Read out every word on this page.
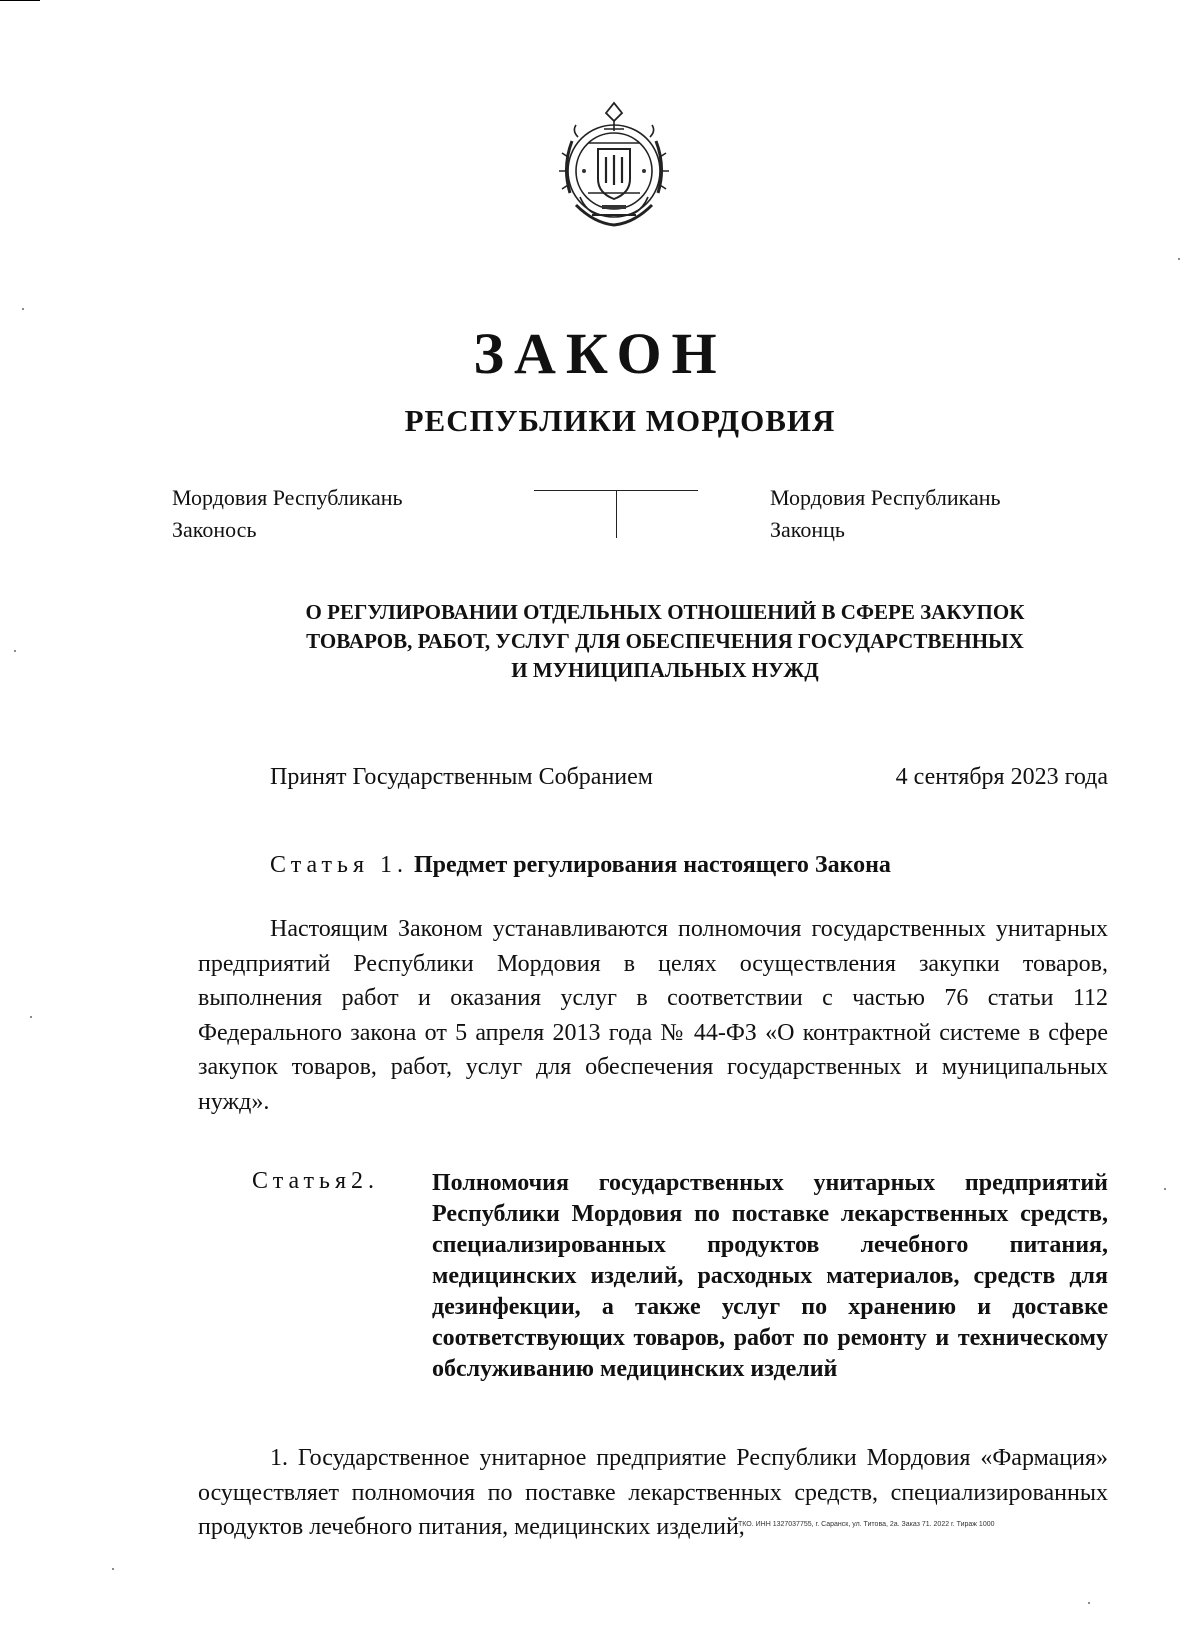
ЗАКОН
РЕСПУБЛИКИ МОРДОВИЯ
Мордовия Республикань
Законось
Мордовия Республикань
Законць
О РЕГУЛИРОВАНИИ ОТДЕЛЬНЫХ ОТНОШЕНИЙ В СФЕРЕ ЗАКУПОК
ТОВАРОВ, РАБОТ, УСЛУГ ДЛЯ ОБЕСПЕЧЕНИЯ ГОСУДАРСТВЕННЫХ
И МУНИЦИПАЛЬНЫХ НУЖД
Принят Государственным Собранием	4 сентября 2023 года
Статья 1. Предмет регулирования настоящего Закона
Настоящим Законом устанавливаются полномочия государственных унитарных предприятий Республики Мордовия в целях осуществления закупки товаров, выполнения работ и оказания услуг в соответствии с частью 76 статьи 112 Федерального закона от 5 апреля 2013 года № 44-ФЗ «О контрактной системе в сфере закупок товаров, работ, услуг для обеспечения государственных и муниципальных нужд».
Статья2. Полномочия государственных унитарных предприятий Республики Мордовия по поставке лекарственных средств, специализированных продуктов лечебного питания, медицинских изделий, расходных материалов, средств для дезинфекции, а также услуг по хранению и доставке соответствующих товаров, работ по ремонту и техническому обслуживанию медицинских изделий
1. Государственное унитарное предприятие Республики Мордовия «Фармация» осуществляет полномочия по поставке лекарственных средств, специализированных продуктов лечебного питания, медицинских изделий,
ТКО. ИНН 1327037755, г. Саранск, ул. Титова, 2а. Заказ 71. 2022 г. Тираж 1000
